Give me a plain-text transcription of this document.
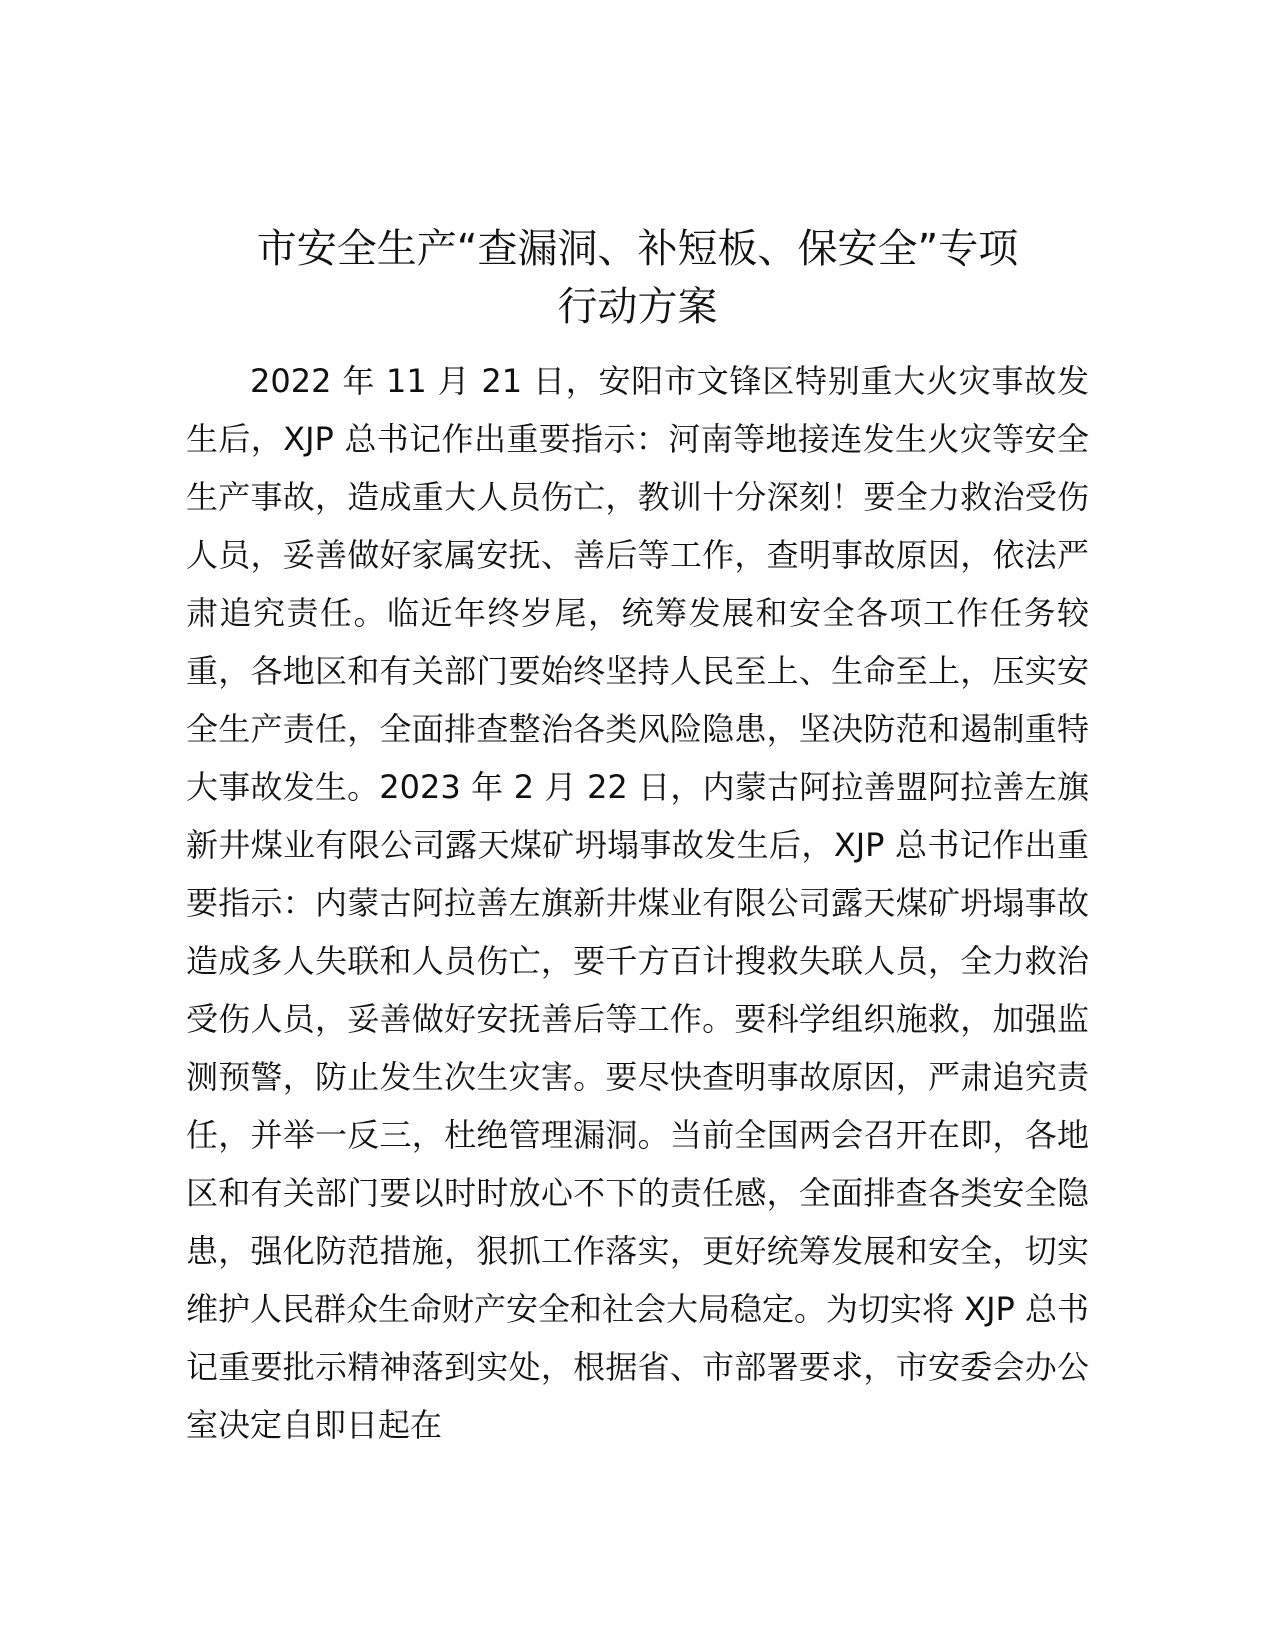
市安全生产“查漏洞、补短板、保安全”专项
行动方案

2022 年 11 月 21 日，安阳市文锋区特别重大火灾事故发生后，XJP 总书记作出重要指示：河南等地接连发生火灾等安全生产事故，造成重大人员伤亡，教训十分深刻！要全力救治受伤人员，妥善做好家属安抚、善后等工作，查明事故原因，依法严肃追究责任。临近年终岁尾，统筹发展和安全各项工作任务较重，各地区和有关部门要始终坚持人民至上、生命至上，压实安全生产责任，全面排查整治各类风险隐患，坚决防范和遏制重特大事故发生。2023 年 2 月 22 日，内蒙古阿拉善盟阿拉善左旗新井煤业有限公司露天煤矿坍塌事故发生后，XJP 总书记作出重要指示：内蒙古阿拉善左旗新井煤业有限公司露天煤矿坍塌事故造成多人失联和人员伤亡，要千方百计搜救失联人员，全力救治受伤人员，妥善做好安抚善后等工作。要科学组织施救，加强监测预警，防止发生次生灾害。要尽快查明事故原因，严肃追究责任，并举一反三，杜绝管理漏洞。当前全国两会召开在即，各地区和有关部门要以时时放心不下的责任感，全面排查各类安全隐患，强化防范措施，狠抓工作落实，更好统筹发展和安全，切实维护人民群众生命财产安全和社会大局稳定。为切实将 XJP 总书记重要批示精神落到实处，根据省、市部署要求，市安委会办公室决定自即日起在
